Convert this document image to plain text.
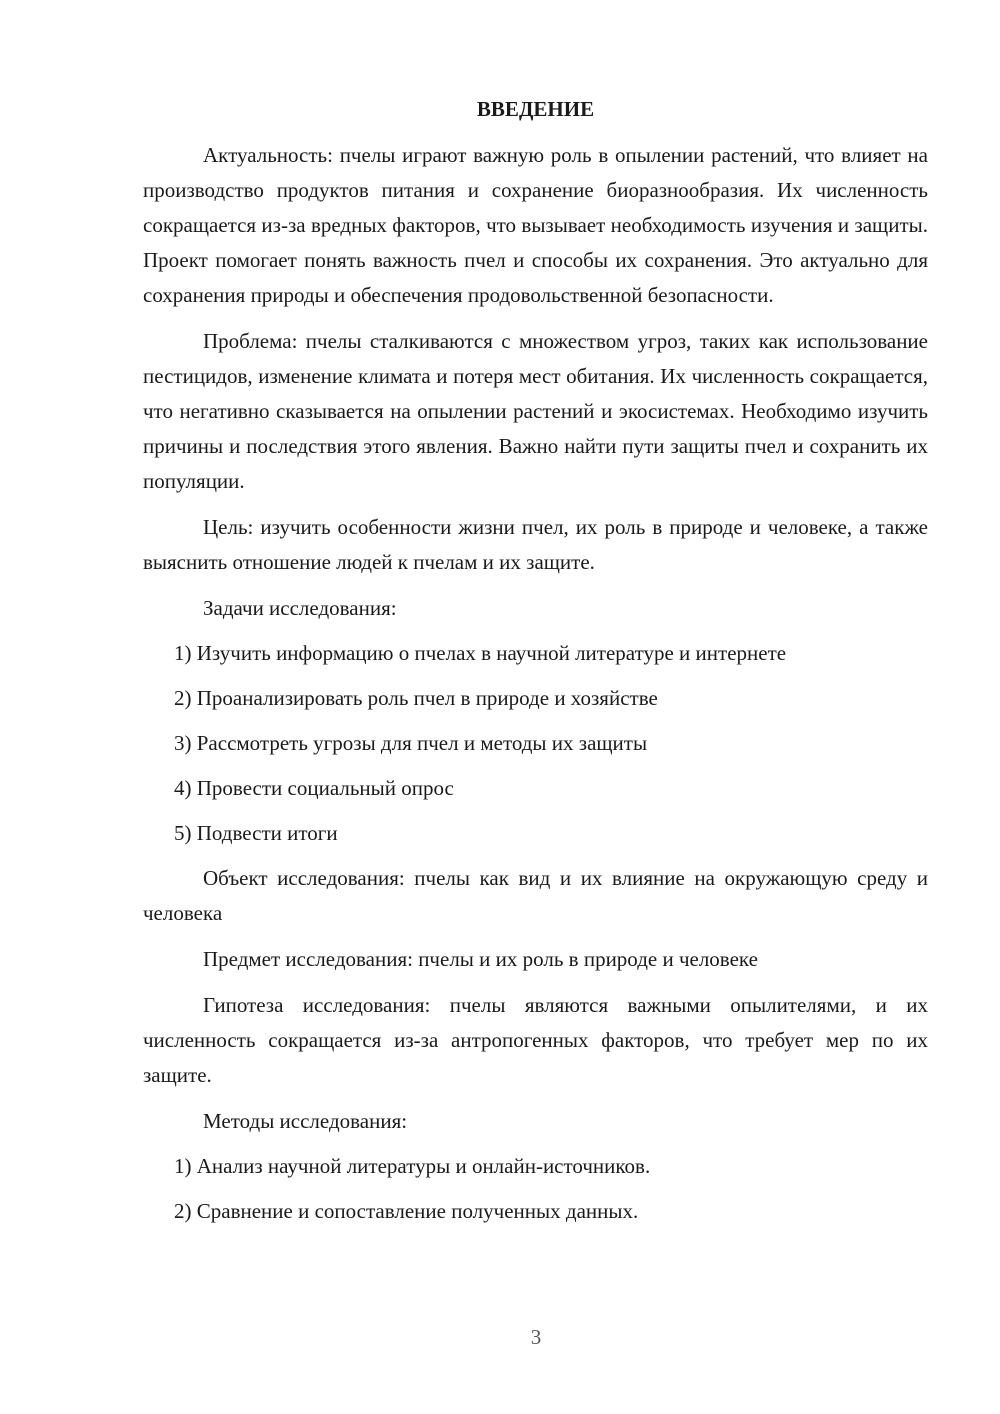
ВВЕДЕНИЕ

Актуальность: пчелы играют важную роль в опылении растений, что влияет на производство продуктов питания и сохранение биоразнообразия. Их численность сокращается из-за вредных факторов, что вызывает необходимость изучения и защиты. Проект помогает понять важность пчел и способы их сохранения. Это актуально для сохранения природы и обеспечения продовольственной безопасности.

Проблема: пчелы сталкиваются с множеством угроз, таких как использование пестицидов, изменение климата и потеря мест обитания. Их численность сокращается, что негативно сказывается на опылении растений и экосистемах. Необходимо изучить причины и последствия этого явления. Важно найти пути защиты пчел и сохранить их популяции.

Цель: изучить особенности жизни пчел, их роль в природе и человеке, а также выяснить отношение людей к пчелам и их защите.

Задачи исследования:

1) Изучить информацию о пчелах в научной литературе и интернете
2) Проанализировать роль пчел в природе и хозяйстве
3) Рассмотреть угрозы для пчел и методы их защиты
4) Провести социальный опрос
5) Подвести итоги

Объект исследования: пчелы как вид и их влияние на окружающую среду и человека

Предмет исследования: пчелы и их роль в природе и человеке

Гипотеза исследования: пчелы являются важными опылителями, и их численность сокращается из-за антропогенных факторов, что требует мер по их защите.

Методы исследования:

1) Анализ научной литературы и онлайн-источников.
2) Сравнение и сопоставление полученных данных.
3
